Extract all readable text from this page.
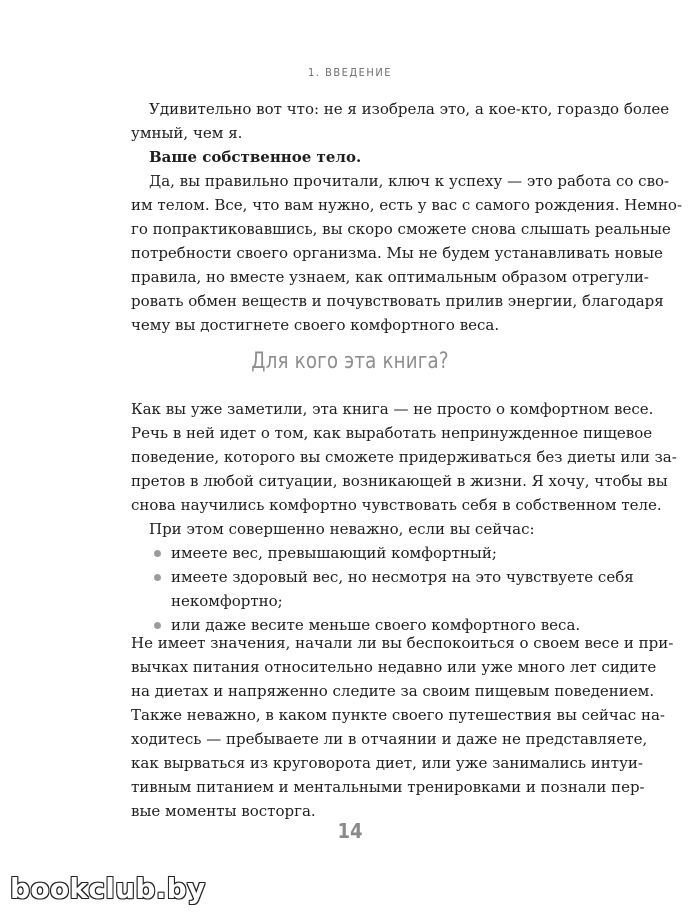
1. ВВЕДЕНИЕ
Удивительно вот что: не я изобрела это, а кое-кто, гораздо более
умный, чем я.
Ваше собственное тело.
Да, вы правильно прочитали, ключ к успеху — это работа со сво-
им телом. Все, что вам нужно, есть у вас с самого рождения. Немно-
го попрактиковавшись, вы скоро сможете снова слышать реальные
потребности своего организма. Мы не будем устанавливать новые
правила, но вместе узнаем, как оптимальным образом отрегули-
ровать обмен веществ и почувствовать прилив энергии, благодаря
чему вы достигнете своего комфортного веса.
Для кого эта книга?
Как вы уже заметили, эта книга — не просто о комфортном весе.
Речь в ней идет о том, как выработать непринужденное пищевое
поведение, которого вы сможете придерживаться без диеты или за-
претов в любой ситуации, возникающей в жизни. Я хочу, чтобы вы
снова научились комфортно чувствовать себя в собственном теле.
При этом совершенно неважно, если вы сейчас:
имеете вес, превышающий комфортный;
имеете здоровый вес, но несмотря на это чувствуете себя
некомфортно;
или даже весите меньше своего комфортного веса.
Не имеет значения, начали ли вы беспокоиться о своем весе и при-
вычках питания относительно недавно или уже много лет сидите
на диетах и напряженно следите за своим пищевым поведением.
Также неважно, в каком пункте своего путешествия вы сейчас на-
ходитесь — пребываете ли в отчаянии и даже не представляете,
как вырваться из круговорота диет, или уже занимались интуи-
тивным питанием и ментальными тренировками и познали пер-
вые моменты восторга.
14
bookclub.by
